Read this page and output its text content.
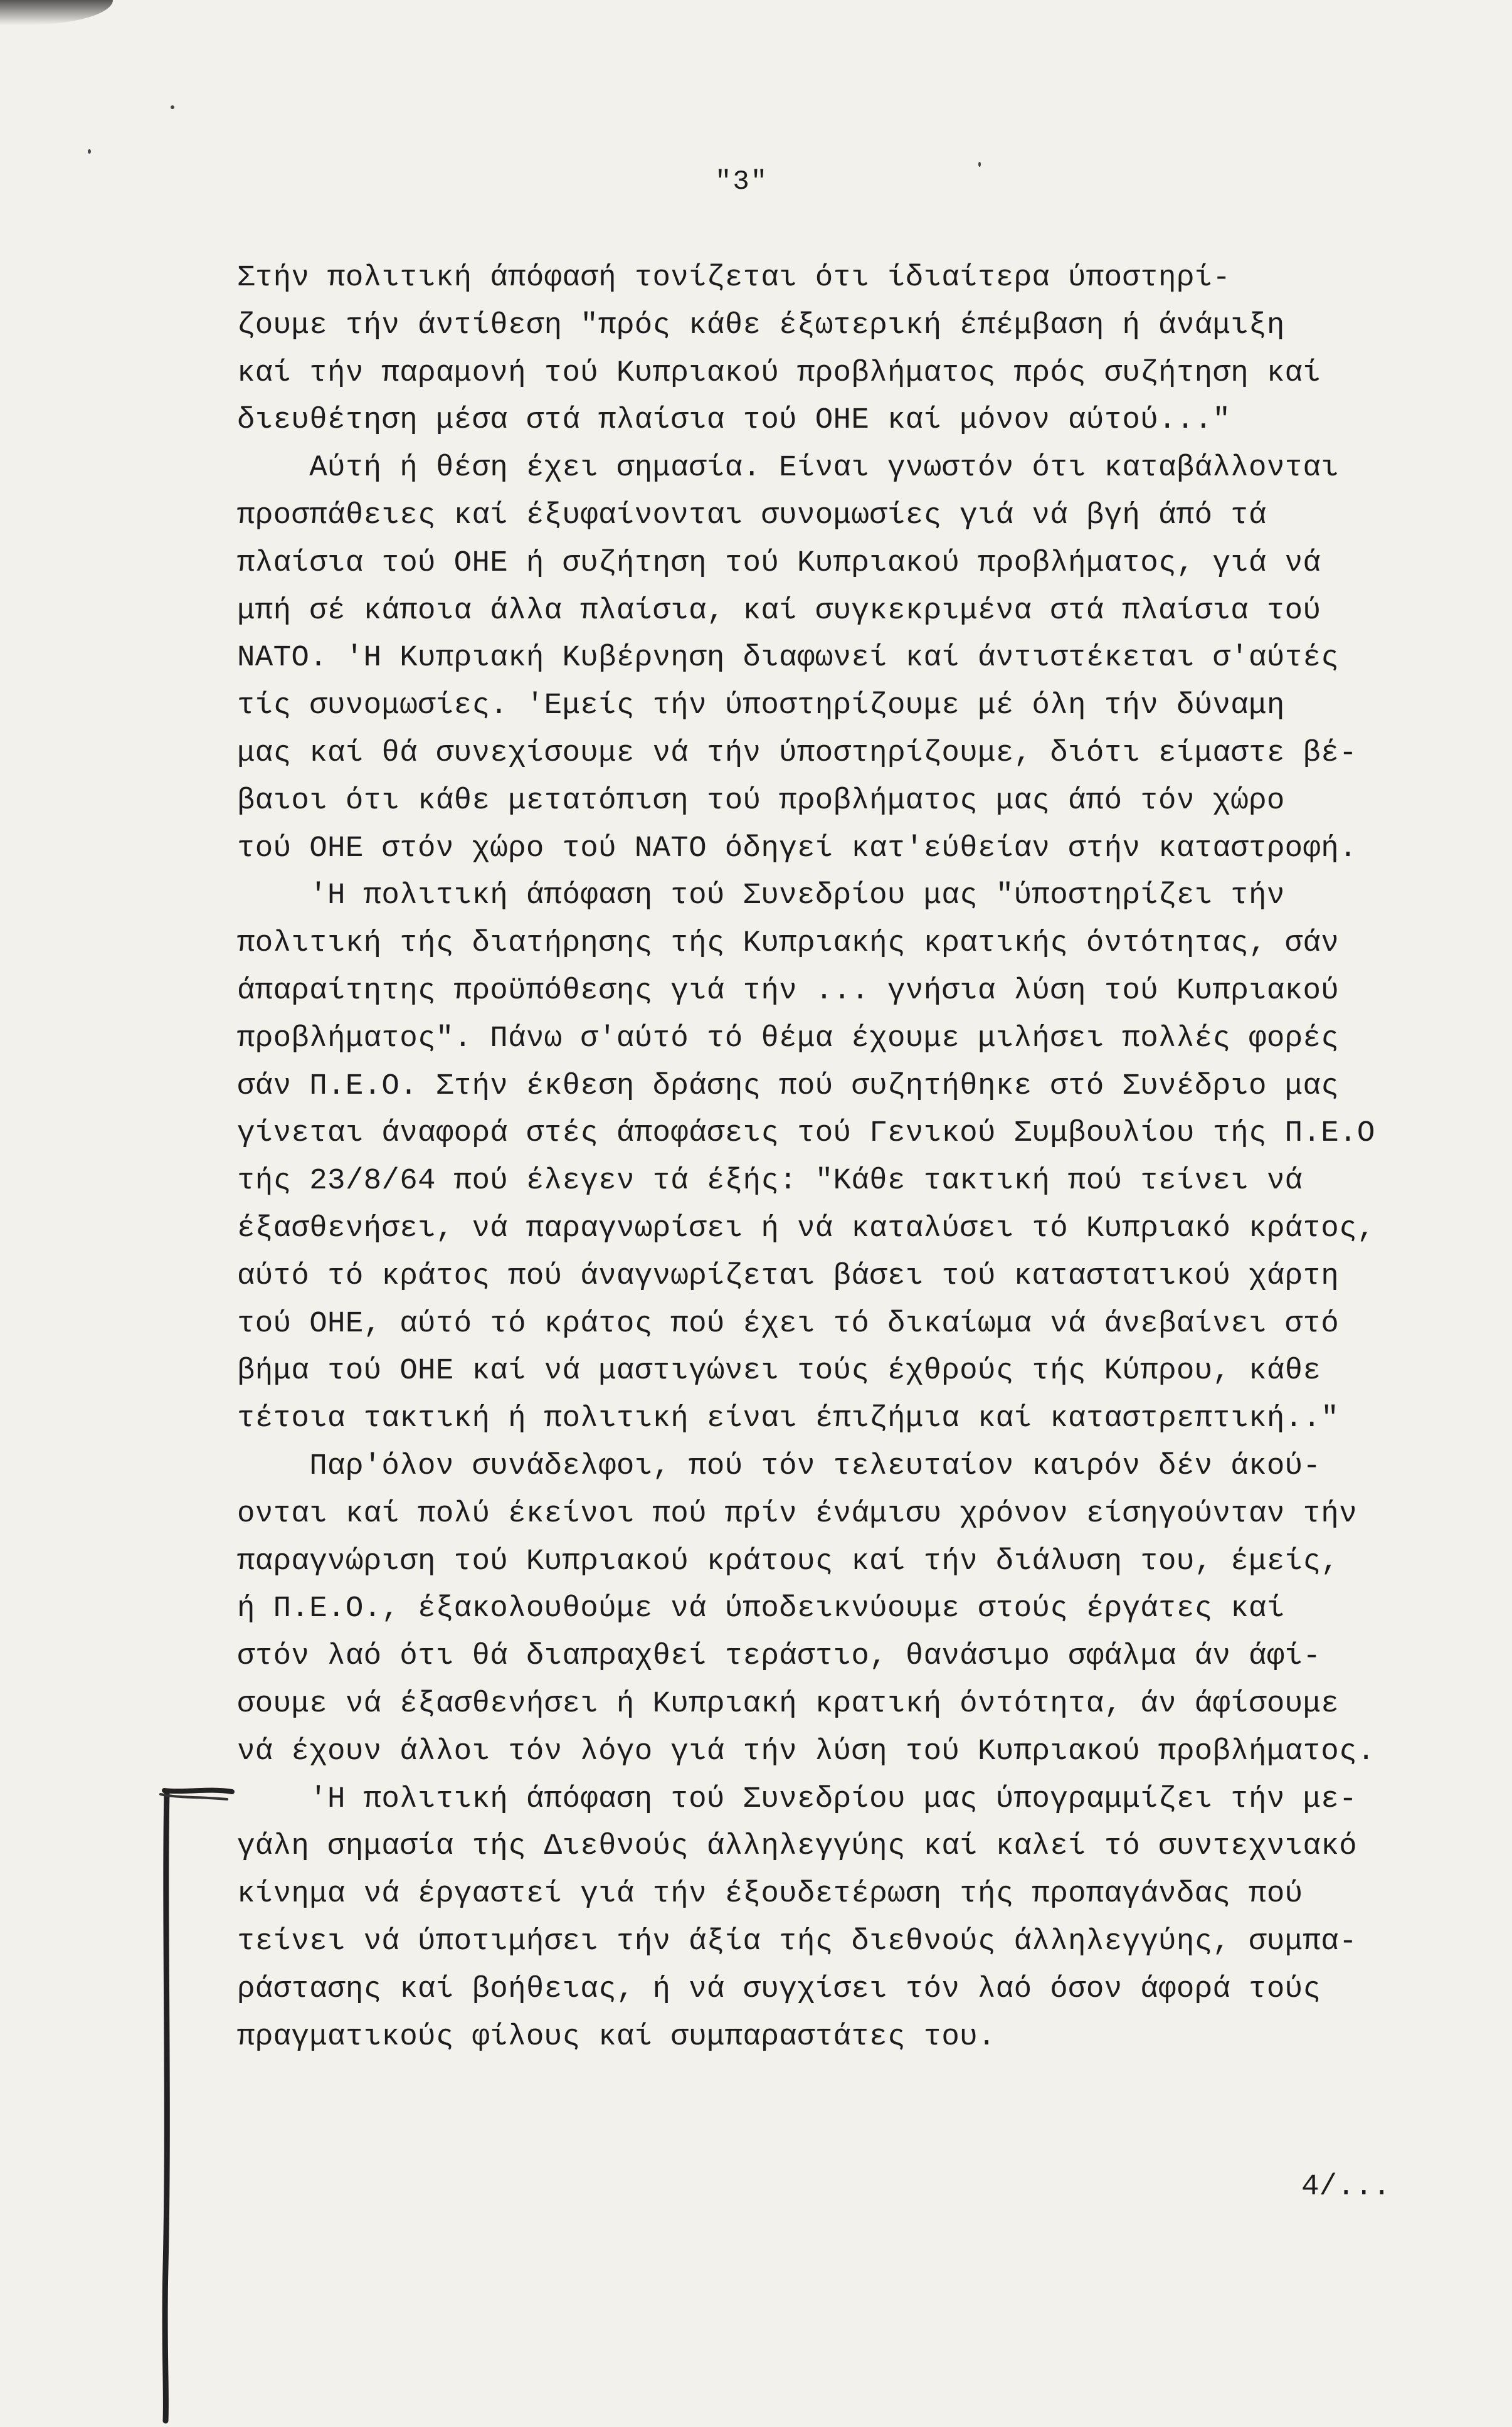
"3"
Στήν πολιτική άπόφασή τονίζεται ότι ίδιαίτερα ύποστηρί-
ζουμε τήν άντίθεση "πρός κάθε έξωτερική έπέμβαση ή άνάμιξη
καί τήν παραμονή τού Κυπριακού προβλήματος πρός συζήτηση καί
διευθέτηση μέσα στά πλαίσια τού ΟΗΕ καί μόνον αύτού..."
Αύτή ή θέση έχει σημασία. Είναι γνωστόν ότι καταβάλλονται
προσπάθειες καί έξυφαίνονται συνομωσίες γιά νά βγή άπό τά
πλαίσια τού ΟΗΕ ή συζήτηση τού Κυπριακού προβλήματος, γιά νά
μπή σέ κάποια άλλα πλαίσια, καί συγκεκριμένα στά πλαίσια τού
ΝΑΤΟ. 'Η Κυπριακή Κυβέρνηση διαφωνεί καί άντιστέκεται σ'αύτές
τίς συνομωσίες. 'Εμείς τήν ύποστηρίζουμε μέ όλη τήν δύναμη
μας καί θά συνεχίσουμε νά τήν ύποστηρίζουμε, διότι είμαστε βέ-
βαιοι ότι κάθε μετατόπιση τού προβλήματος μας άπό τόν χώρο
τού ΟΗΕ στόν χώρο τού ΝΑΤΟ όδηγεί κατ'εύθείαν στήν καταστροφή.
'Η πολιτική άπόφαση τού Συνεδρίου μας "ύποστηρίζει τήν
πολιτική τής διατήρησης τής Κυπριακής κρατικής όντότητας, σάν
άπαραίτητης προϋπόθεσης γιά τήν ... γνήσια λύση τού Κυπριακού
προβλήματος". Πάνω σ'αύτό τό θέμα έχουμε μιλήσει πολλές φορές
σάν Π.Ε.Ο. Στήν έκθεση δράσης πού συζητήθηκε στό Συνέδριο μας
γίνεται άναφορά στές άποφάσεις τού Γενικού Συμβουλίου τής Π.Ε.Ο
τής 23/8/64 πού έλεγεν τά έξής: "Κάθε τακτική πού τείνει νά
έξασθενήσει, νά παραγνωρίσει ή νά καταλύσει τό Κυπριακό κράτος,
αύτό τό κράτος πού άναγνωρίζεται βάσει τού καταστατικού χάρτη
τού ΟΗΕ, αύτό τό κράτος πού έχει τό δικαίωμα νά άνεβαίνει στό
βήμα τού ΟΗΕ καί νά μαστιγώνει τούς έχθρούς τής Κύπρου, κάθε
τέτοια τακτική ή πολιτική είναι έπιζήμια καί καταστρεπτική.."
Παρ'όλον συνάδελφοι, πού τόν τελευταίον καιρόν δέν άκού-
ονται καί πολύ έκείνοι πού πρίν ένάμισυ χρόνον είσηγούνταν τήν
παραγνώριση τού Κυπριακού κράτους καί τήν διάλυση του, έμείς,
ή Π.Ε.Ο., έξακολουθούμε νά ύποδεικνύουμε στούς έργάτες καί
στόν λαό ότι θά διαπραχθεί τεράστιο, θανάσιμο σφάλμα άν άφί-
σουμε νά έξασθενήσει ή Κυπριακή κρατική όντότητα, άν άφίσουμε
νά έχουν άλλοι τόν λόγο γιά τήν λύση τού Κυπριακού προβλήματος.
'Η πολιτική άπόφαση τού Συνεδρίου μας ύπογραμμίζει τήν με-
γάλη σημασία τής Διεθνούς άλληλεγγύης καί καλεί τό συντεχνιακό
κίνημα νά έργαστεί γιά τήν έξουδετέρωση τής προπαγάνδας πού
τείνει νά ύποτιμήσει τήν άξία τής διεθνούς άλληλεγγύης, συμπα-
ράστασης καί βοήθειας, ή νά συγχίσει τόν λαό όσον άφορά τούς
πραγματικούς φίλους καί συμπαραστάτες του.
4/...
